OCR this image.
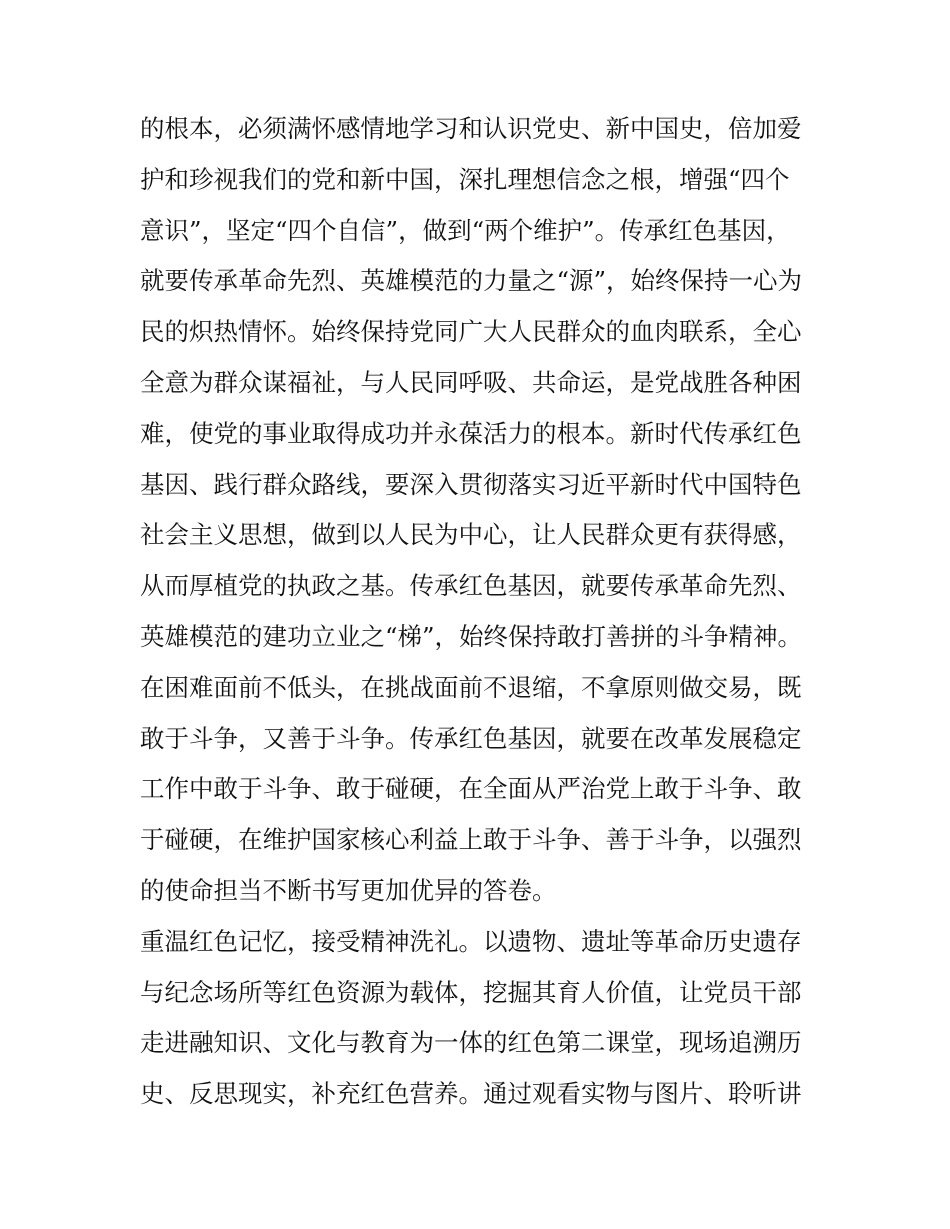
的根本，必须满怀感情地学习和认识党史、新中国史，倍加爱
护和珍视我们的党和新中国，深扎理想信念之根，增强“四个
意识”，坚定“四个自信”，做到“两个维护”。传承红色基因，
就要传承革命先烈、英雄模范的力量之“源”，始终保持一心为
民的炽热情怀。始终保持党同广大人民群众的血肉联系，全心
全意为群众谋福祉，与人民同呼吸、共命运，是党战胜各种困
难，使党的事业取得成功并永葆活力的根本。新时代传承红色
基因、践行群众路线，要深入贯彻落实习近平新时代中国特色
社会主义思想，做到以人民为中心，让人民群众更有获得感，
从而厚植党的执政之基。传承红色基因，就要传承革命先烈、
英雄模范的建功立业之“梯”，始终保持敢打善拼的斗争精神。
在困难面前不低头，在挑战面前不退缩，不拿原则做交易，既
敢于斗争，又善于斗争。传承红色基因，就要在改革发展稳定
工作中敢于斗争、敢于碰硬，在全面从严治党上敢于斗争、敢
于碰硬，在维护国家核心利益上敢于斗争、善于斗争，以强烈
的使命担当不断书写更加优异的答卷。
重温红色记忆，接受精神洗礼。以遗物、遗址等革命历史遗存
与纪念场所等红色资源为载体，挖掘其育人价值，让党员干部
走进融知识、文化与教育为一体的红色第二课堂，现场追溯历
史、反思现实，补充红色营养。通过观看实物与图片、聆听讲
